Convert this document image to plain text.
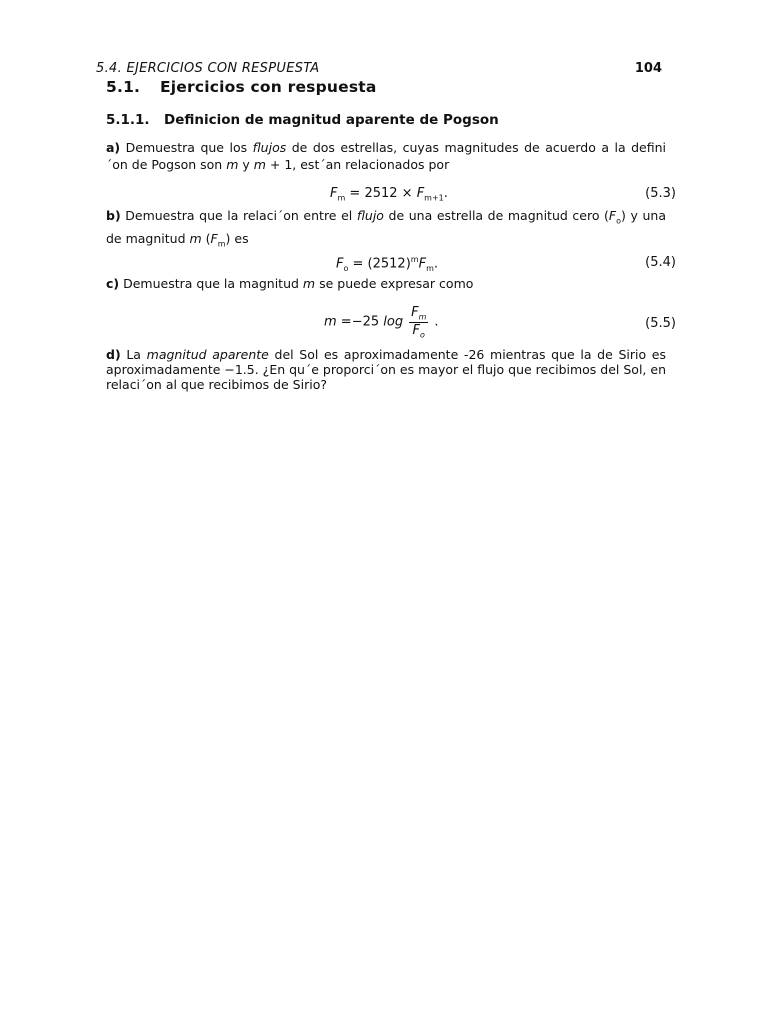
5.4. EJERCICIOS CON RESPUESTA	104
5.1. Ejercicios con respuesta
5.1.1. Definicion de magnitud aparente de Pogson
a) Demuestra que los flujos de dos estrellas, cuyas magnitudes de acuerdo a la defini´on de Pogson son m y m + 1, est´an relacionados por
$F_m = 2512 \times F_{m+1}$.	(5.3)
b) Demuestra que la relaci´on entre el flujo de una estrella de magnitud cero $(F_o)$ y una de magnitud m $(F_m)$ es
$F_o = (2512)^mF_m$.	(5.4)
c) Demuestra que la magnitud m se puede expresar como
m =−25 $\log \frac{F_m}{F_o}$ .	(5.5)
d) La magnitud aparente del Sol es aproximadamente -26 mientras que la de Sirio es aproximadamente −1.5. ¿En qu´e proporci´on es mayor el flujo que recibimos del Sol, en relaci´on al que recibimos de Sirio?
